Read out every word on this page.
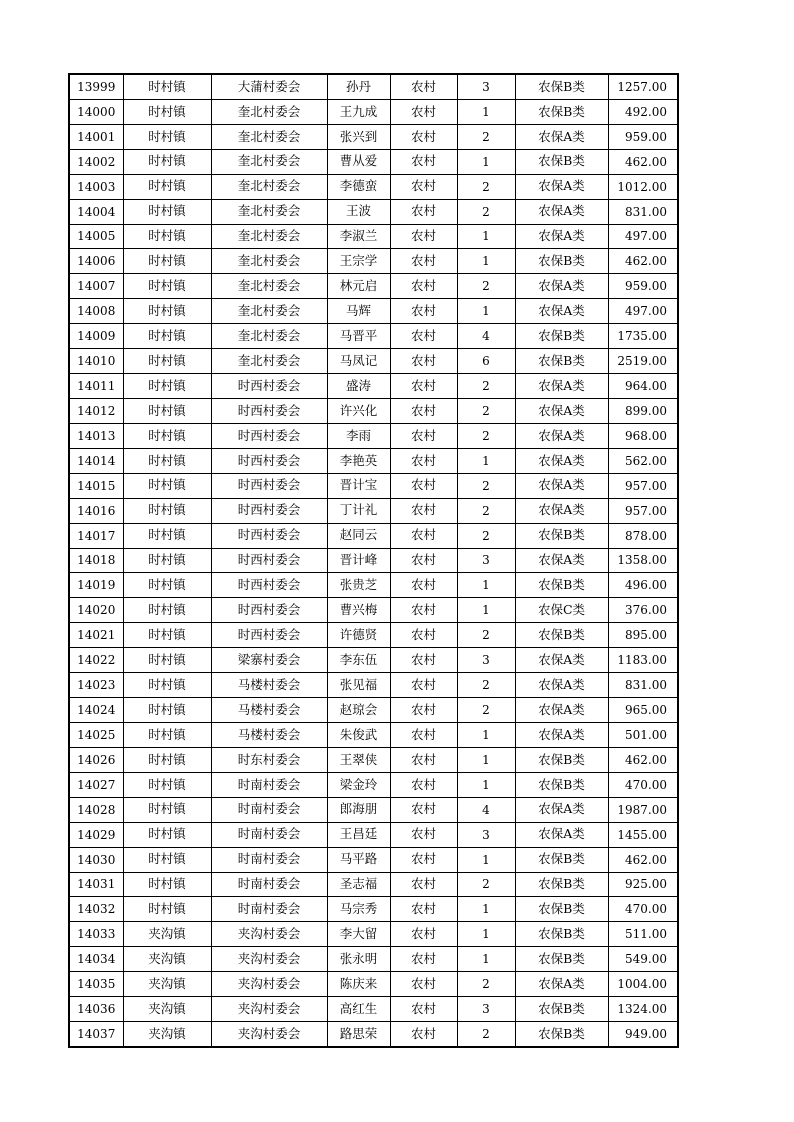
13999	时村镇	大蒲村委会	孙丹	农村	3	农保B类	1257.00
14000	时村镇	奎北村委会	王九成	农村	1	农保B类	492.00
14001	时村镇	奎北村委会	张兴到	农村	2	农保A类	959.00
14002	时村镇	奎北村委会	曹从爱	农村	1	农保B类	462.00
14003	时村镇	奎北村委会	李德蛮	农村	2	农保A类	1012.00
14004	时村镇	奎北村委会	王波	农村	2	农保A类	831.00
14005	时村镇	奎北村委会	李淑兰	农村	1	农保A类	497.00
14006	时村镇	奎北村委会	王宗学	农村	1	农保B类	462.00
14007	时村镇	奎北村委会	林元启	农村	2	农保A类	959.00
14008	时村镇	奎北村委会	马辉	农村	1	农保A类	497.00
14009	时村镇	奎北村委会	马晋平	农村	4	农保B类	1735.00
14010	时村镇	奎北村委会	马凤记	农村	6	农保B类	2519.00
14011	时村镇	时西村委会	盛涛	农村	2	农保A类	964.00
14012	时村镇	时西村委会	许兴化	农村	2	农保A类	899.00
14013	时村镇	时西村委会	李雨	农村	2	农保A类	968.00
14014	时村镇	时西村委会	李艳英	农村	1	农保A类	562.00
14015	时村镇	时西村委会	晋计宝	农村	2	农保A类	957.00
14016	时村镇	时西村委会	丁计礼	农村	2	农保A类	957.00
14017	时村镇	时西村委会	赵同云	农村	2	农保B类	878.00
14018	时村镇	时西村委会	晋计峰	农村	3	农保A类	1358.00
14019	时村镇	时西村委会	张贵芝	农村	1	农保B类	496.00
14020	时村镇	时西村委会	曹兴梅	农村	1	农保C类	376.00
14021	时村镇	时西村委会	许德贤	农村	2	农保B类	895.00
14022	时村镇	梁寨村委会	李东伍	农村	3	农保A类	1183.00
14023	时村镇	马楼村委会	张见福	农村	2	农保A类	831.00
14024	时村镇	马楼村委会	赵琼会	农村	2	农保A类	965.00
14025	时村镇	马楼村委会	朱俊武	农村	1	农保A类	501.00
14026	时村镇	时东村委会	王翠侠	农村	1	农保B类	462.00
14027	时村镇	时南村委会	梁金玲	农村	1	农保B类	470.00
14028	时村镇	时南村委会	郎海朋	农村	4	农保A类	1987.00
14029	时村镇	时南村委会	王昌廷	农村	3	农保A类	1455.00
14030	时村镇	时南村委会	马平路	农村	1	农保B类	462.00
14031	时村镇	时南村委会	圣志福	农村	2	农保B类	925.00
14032	时村镇	时南村委会	马宗秀	农村	1	农保B类	470.00
14033	夹沟镇	夹沟村委会	李大留	农村	1	农保B类	511.00
14034	夹沟镇	夹沟村委会	张永明	农村	1	农保B类	549.00
14035	夹沟镇	夹沟村委会	陈庆来	农村	2	农保A类	1004.00
14036	夹沟镇	夹沟村委会	高红生	农村	3	农保B类	1324.00
14037	夹沟镇	夹沟村委会	路思荣	农村	2	农保B类	949.00
